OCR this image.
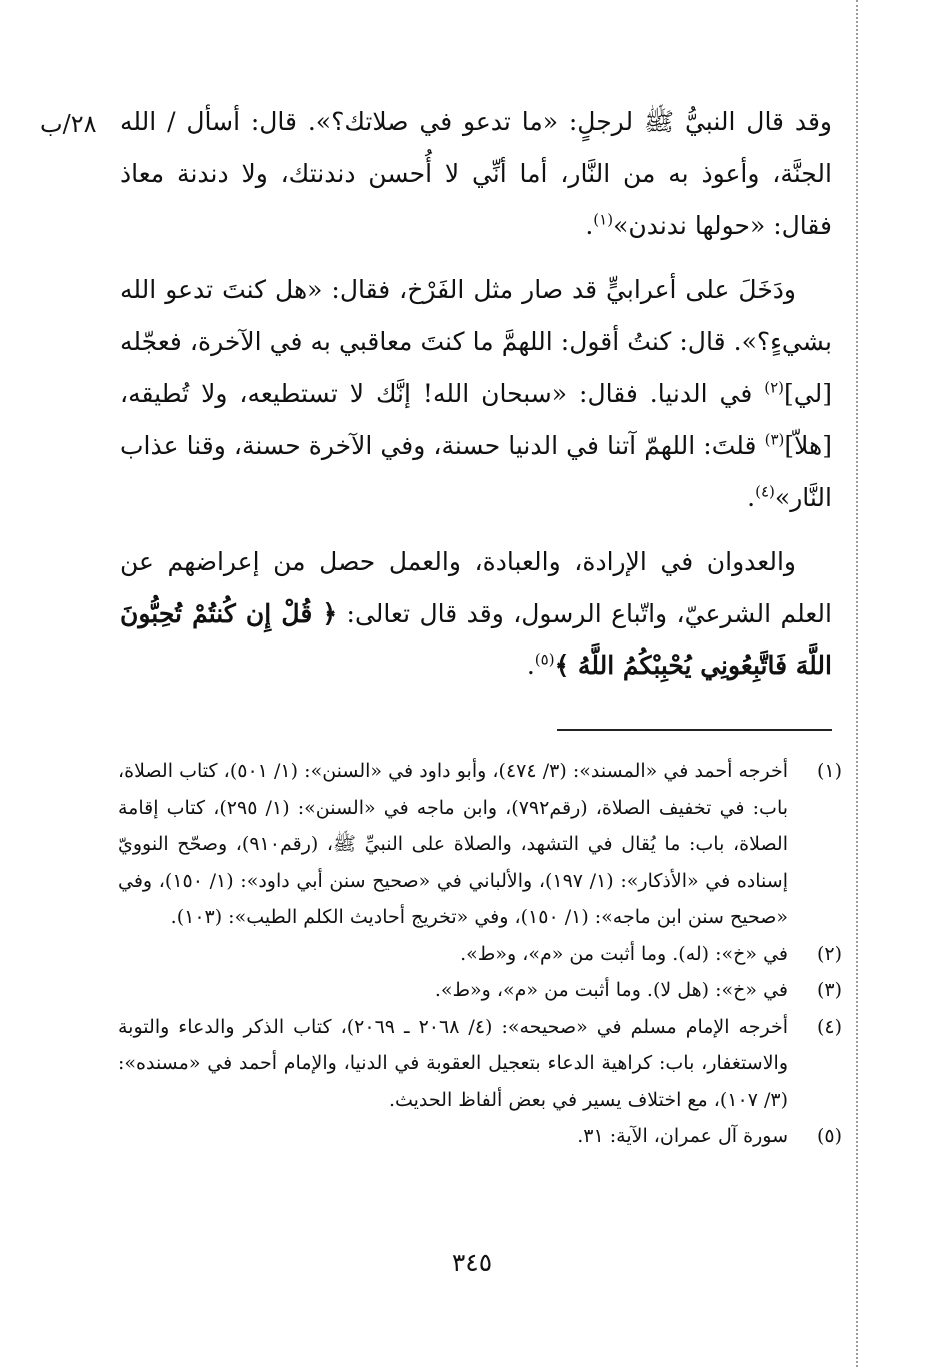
٢٨/ب وقد قال النبيُّ ﷺ لرجلٍ: «ما تدعو في صلاتك؟». قال: أسأل / الله الجنَّة، وأعوذ به من النَّار، أما أنِّي لا أُحسن دندنتك، ولا دندنة معاذ فقال: «حولها ندندن»$^{(١)}$.

ودَخَلَ على أعرابيٍّ قد صار مثل الفَرْخ، فقال: «هل كنتَ تدعو الله بشيءٍ؟». قال: كنتُ أقول: اللهمَّ ما كنتَ معاقبي به في الآخرة، فعجّله [لي]$^{(٢)}$ في الدنيا. فقال: «سبحان الله! إنَّك لا تستطيعه، ولا تُطيقه، [هلاّ]$^{(٣)}$ قلتَ: اللهمّ آتنا في الدنيا حسنة، وفي الآخرة حسنة، وقنا عذاب النَّار»$^{(٤)}$.

والعدوان في الإرادة، والعبادة، والعمل حصل من إعراضهم عن العلم الشرعيّ، واتّباع الرسول، وقد قال تعالى: ﴿ قُلْ إِن كُنتُمْ تُحِبُّونَ اللَّهَ فَاتَّبِعُونِي يُحْبِبْكُمُ اللَّهُ ﴾$^{(٥)}$.

(١)
أخرجه أحمد في «المسند»: (٣/ ٤٧٤)، وأبو داود في «السنن»: (١/ ٥٠١)، كتاب الصلاة، باب: في تخفيف الصلاة، (رقم٧٩٢)، وابن ماجه في «السنن»: (١/ ٢٩٥)، كتاب إقامة الصلاة، باب: ما يُقال في التشهد، والصلاة على النبيِّ ﷺ، (رقم٩١٠)، وصحّح النوويّ إسناده في «الأذكار»: (١/ ١٩٧)، والألباني في «صحيح سنن أبي داود»: (١/ ١٥٠)، وفي «صحيح سنن ابن ماجه»: (١/ ١٥٠)، وفي «تخريج أحاديث الكلم الطيب»: (١٠٣).
(٢)
في «خ»: (له). وما أثبت من «م»، و«ط».
(٣)
في «خ»: (هل لا). وما أثبت من «م»، و«ط».
(٤)
أخرجه الإمام مسلم في «صحيحه»: (٤/ ٢٠٦٨ ـ ٢٠٦٩)، كتاب الذكر والدعاء والتوبة والاستغفار، باب: كراهية الدعاء بتعجيل العقوبة في الدنيا، والإمام أحمد في «مسنده»: (٣/ ١٠٧)، مع اختلاف يسير في بعض ألفاظ الحديث.
(٥)
سورة آل عمران، الآية: ٣١.
٣٤٥
